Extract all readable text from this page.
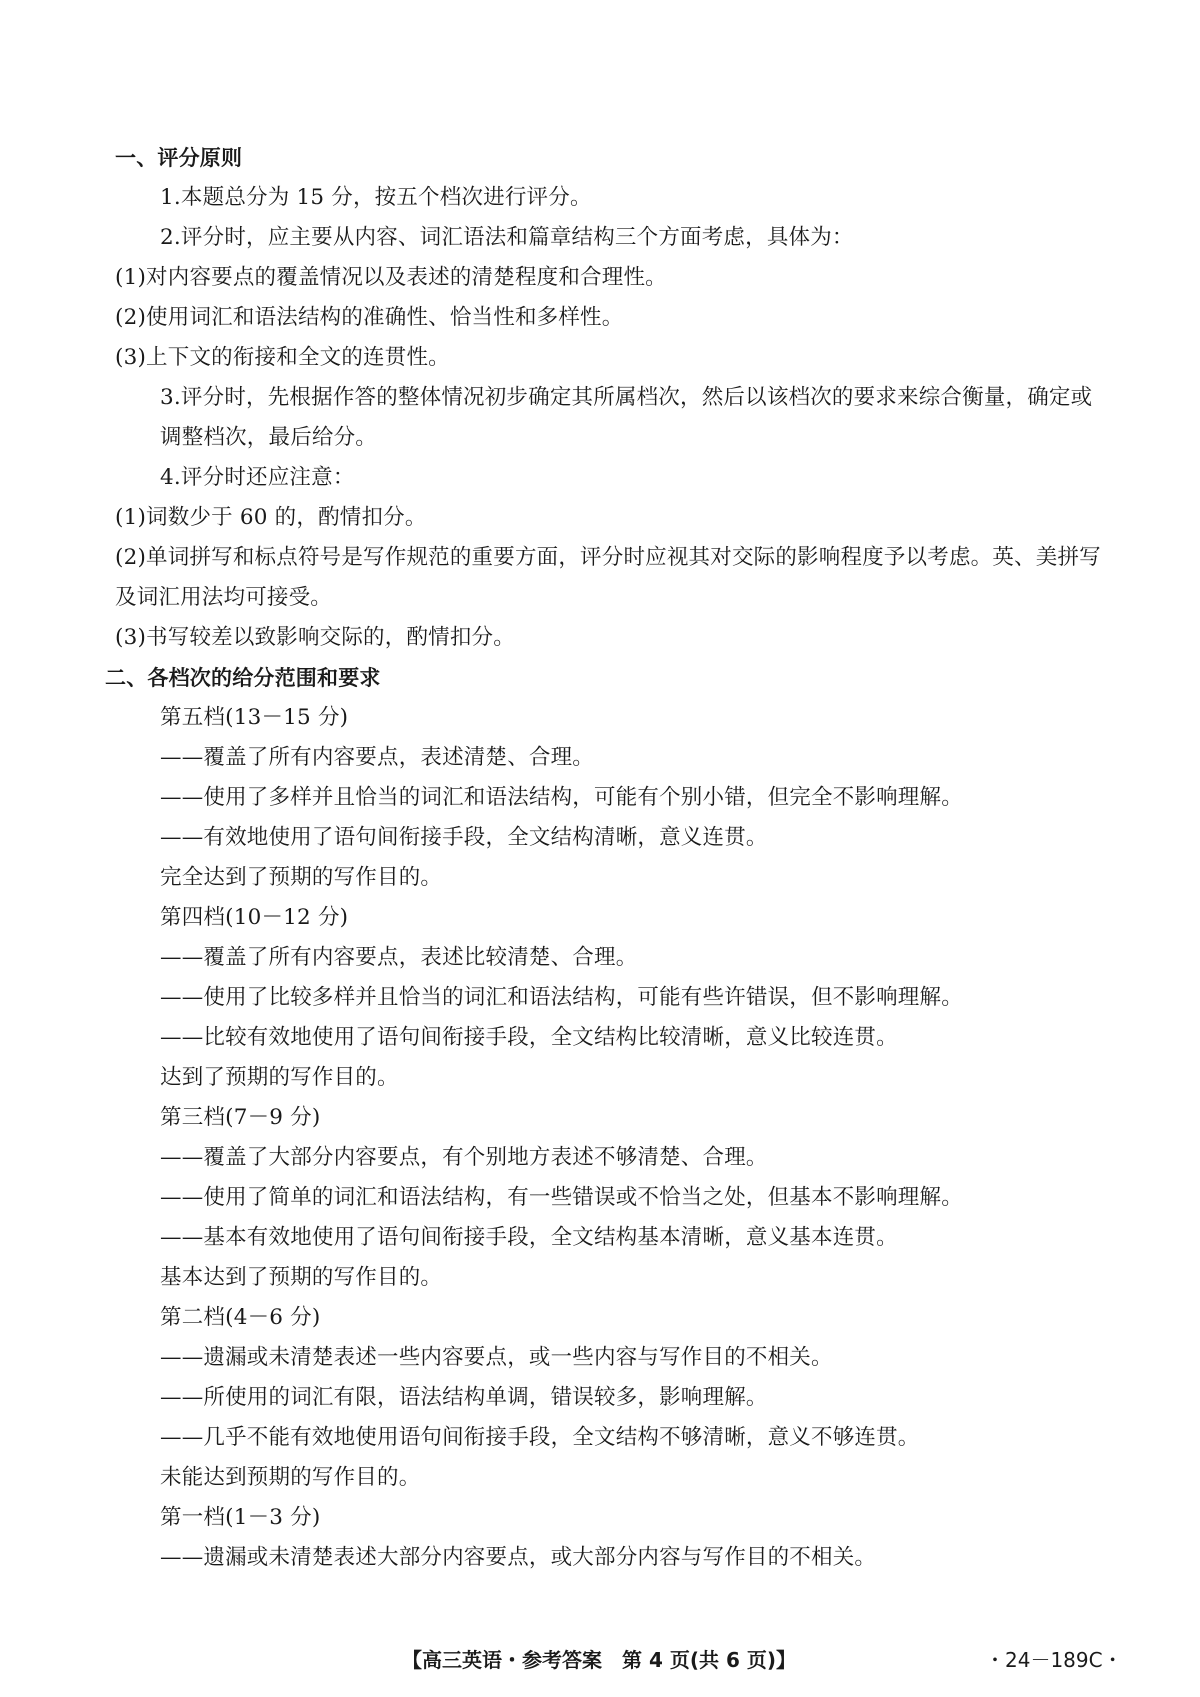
一、评分原则
1.本题总分为 15 分，按五个档次进行评分。
2.评分时，应主要从内容、词汇语法和篇章结构三个方面考虑，具体为：
(1)对内容要点的覆盖情况以及表述的清楚程度和合理性。
(2)使用词汇和语法结构的准确性、恰当性和多样性。
(3)上下文的衔接和全文的连贯性。
3.评分时，先根据作答的整体情况初步确定其所属档次，然后以该档次的要求来综合衡量，确定或调整档次，最后给分。
4.评分时还应注意：
(1)词数少于 60 的，酌情扣分。
(2)单词拼写和标点符号是写作规范的重要方面，评分时应视其对交际的影响程度予以考虑。英、美拼写及词汇用法均可接受。
(3)书写较差以致影响交际的，酌情扣分。
二、各档次的给分范围和要求
第五档(13－15 分)
——覆盖了所有内容要点，表述清楚、合理。
——使用了多样并且恰当的词汇和语法结构，可能有个别小错，但完全不影响理解。
——有效地使用了语句间衔接手段，全文结构清晰，意义连贯。
完全达到了预期的写作目的。
第四档(10－12 分)
——覆盖了所有内容要点，表述比较清楚、合理。
——使用了比较多样并且恰当的词汇和语法结构，可能有些许错误，但不影响理解。
——比较有效地使用了语句间衔接手段，全文结构比较清晰，意义比较连贯。
达到了预期的写作目的。
第三档(7－9 分)
——覆盖了大部分内容要点，有个别地方表述不够清楚、合理。
——使用了简单的词汇和语法结构，有一些错误或不恰当之处，但基本不影响理解。
——基本有效地使用了语句间衔接手段，全文结构基本清晰，意义基本连贯。
基本达到了预期的写作目的。
第二档(4－6 分)
——遗漏或未清楚表述一些内容要点，或一些内容与写作目的不相关。
——所使用的词汇有限，语法结构单调，错误较多，影响理解。
——几乎不能有效地使用语句间衔接手段，全文结构不够清晰，意义不够连贯。
未能达到预期的写作目的。
第一档(1－3 分)
——遗漏或未清楚表述大部分内容要点，或大部分内容与写作目的不相关。
【高三英语・参考答案　第 4 页(共 6 页)】	・24－189C・
